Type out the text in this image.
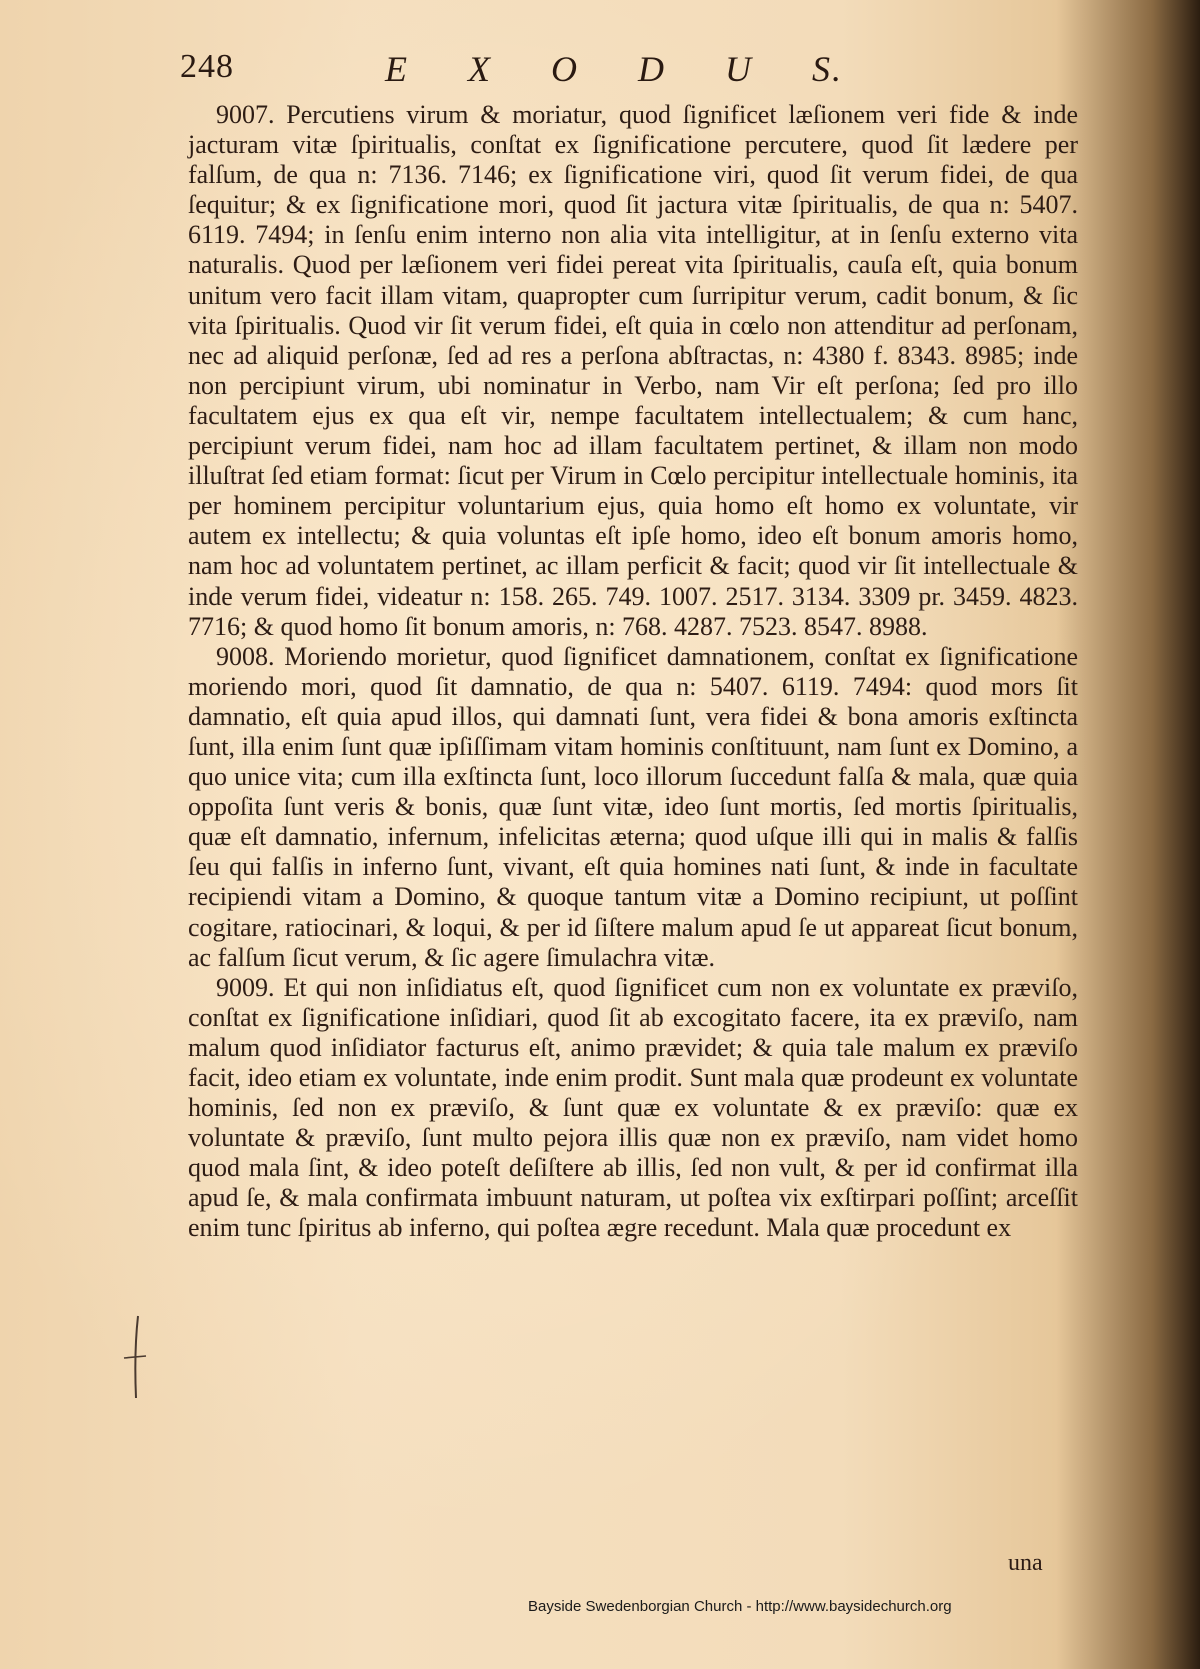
248	E X O D U S.

9007. Percutiens virum & moriatur, quod ſignificet læſionem veri fide & inde jacturam vitæ ſpiritualis, conſtat ex ſignificatione percutere, quod ſit lædere per falſum, de qua n: 7136. 7146; ex ſignificatione viri, quod ſit verum fidei, de qua ſequitur; & ex ſignificatione mori, quod ſit jactura vitæ ſpiritualis, de qua n: 5407. 6119. 7494; in ſenſu enim interno non alia vita intelligitur, at in ſenſu externo vita naturalis. Quod per læſionem veri fidei pereat vita ſpiritualis, cauſa eſt, quia bonum unitum vero facit illam vitam, quapropter cum ſurripitur verum, cadit bonum, & ſic vita ſpiritualis. Quod vir ſit verum fidei, eſt quia in cœlo non attenditur ad perſonam, nec ad aliquid perſonæ, ſed ad res a perſona abſtractas, n: 4380 f. 8343. 8985; inde non percipiunt virum, ubi nominatur in Verbo, nam Vir eſt perſona; ſed pro illo facultatem ejus ex qua eſt vir, nempe facultatem intellectualem; & cum hanc, percipiunt verum fidei, nam hoc ad illam facultatem pertinet, & illam non modo illuſtrat ſed etiam format: ſicut per Virum in Cœlo percipitur intellectuale hominis, ita per hominem percipitur voluntarium ejus, quia homo eſt homo ex voluntate, vir autem ex intellectu; & quia voluntas eſt ipſe homo, ideo eſt bonum amoris homo, nam hoc ad voluntatem pertinet, ac illam perficit & facit; quod vir ſit intellectuale & inde verum fidei, videatur n: 158. 265. 749. 1007. 2517. 3134. 3309 pr. 3459. 4823. 7716; & quod homo ſit bonum amoris, n: 768. 4287. 7523. 8547. 8988.

9008. Moriendo morietur, quod ſignificet damnationem, conſtat ex ſignificatione moriendo mori, quod ſit damnatio, de qua n: 5407. 6119. 7494: quod mors ſit damnatio, eſt quia apud illos, qui damnati ſunt, vera fidei & bona amoris exſtincta ſunt, illa enim ſunt quæ ipſiſſimam vitam hominis conſtituunt, nam ſunt ex Domino, a quo unice vita; cum illa exſtincta ſunt, loco illorum ſuccedunt falſa & mala, quæ quia oppoſita ſunt veris & bonis, quæ ſunt vitæ, ideo ſunt mortis, ſed mortis ſpiritualis, quæ eſt damnatio, infernum, infelicitas æterna; quod uſque illi qui in malis & falſis ſeu qui falſis in inferno ſunt, vivant, eſt quia homines nati ſunt, & inde in facultate recipiendi vitam a Domino, & quoque tantum vitæ a Domino recipiunt, ut poſſint cogitare, ratiocinari, & loqui, & per id ſiſtere malum apud ſe ut appareat ſicut bonum, ac falſum ſicut verum, & ſic agere ſimulachra vitæ.

9009. Et qui non inſidiatus eſt, quod ſignificet cum non ex voluntate ex præviſo, conſtat ex ſignificatione inſidiari, quod ſit ab excogitato facere, ita ex præviſo, nam malum quod inſidiator facturus eſt, animo prævidet; & quia tale malum ex præviſo facit, ideo etiam ex voluntate, inde enim prodit. Sunt mala quæ prodeunt ex voluntate hominis, ſed non ex præviſo, & ſunt quæ ex voluntate & ex præviſo: quæ ex voluntate & præviſo, ſunt multo pejora illis quæ non ex præviſo, nam videt homo quod mala ſint, & ideo poteſt deſiſtere ab illis, ſed non vult, & per id confirmat illa apud ſe, & mala confirmata imbuunt naturam, ut poſtea vix exſtirpari poſſint; arceſſit enim tunc ſpiritus ab inferno, qui poſtea ægre recedunt. Mala quæ procedunt ex

una
Bayside Swedenborgian Church - http://www.baysidechurch.org
